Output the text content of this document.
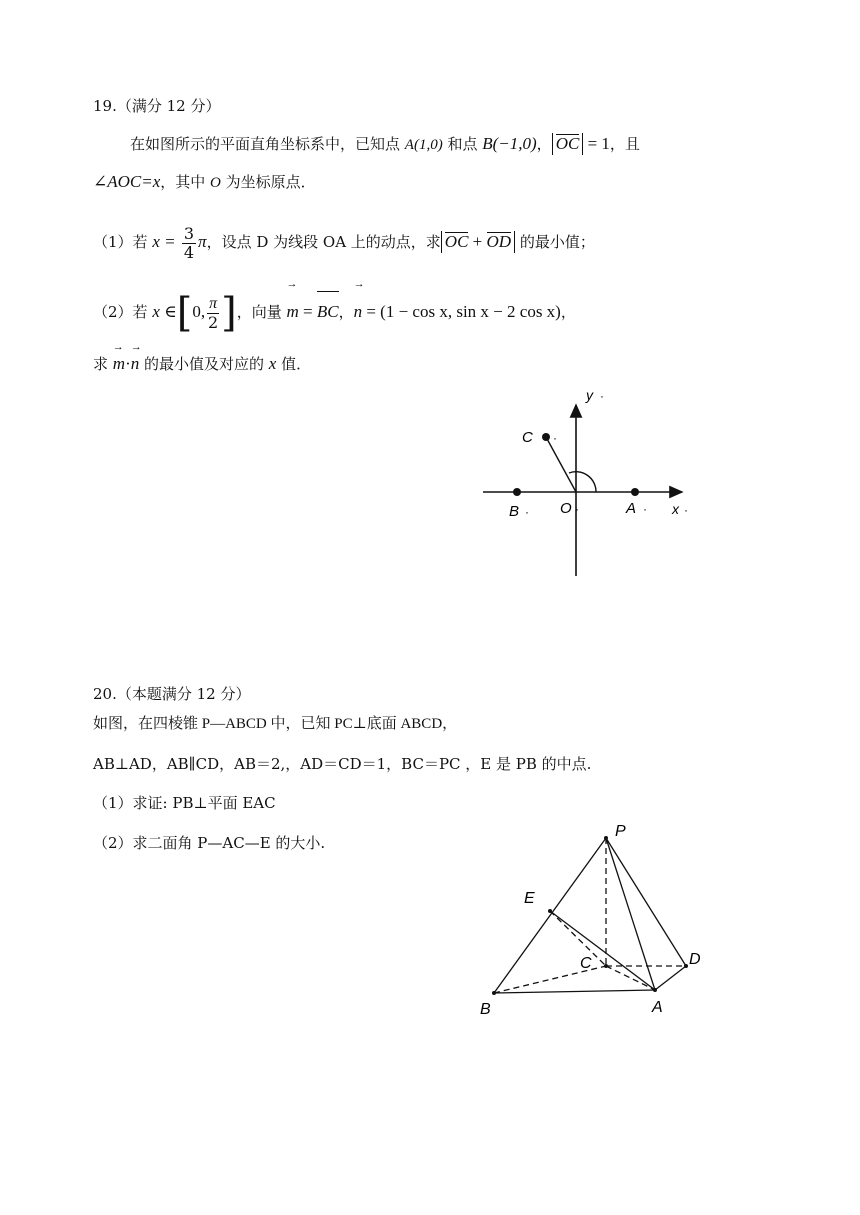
19.（满分 12 分）
在如图所示的平面直角坐标系中，已知点 A(1,0) 和点 B(−1,0)， OC = 1，且
∠AOC=x，其中 O 为坐标原点．
（1）若 $x = \frac{3}{4}$ π，设点 D 为线段 OA 上的动点，求 OC + OD 的最小值；
（2）若 x ∈[0, $\frac{\pi}{2}$ ]，向量 m
→
= BC，n
→
= (1 − cos x, sin x − 2 cos x)，
求 m
→
·n
→
的最小值及对应的 x 值．
y ·
C ·
B · O ·	A · x ·
P
E
C	D
B	A
20.（本题满分 12 分）
如图，在四棱锥 P—ABCD 中，已知 PC⊥底面 ABCD，
AB⊥AD，AB∥CD，AB＝2,，AD＝CD＝1，BC＝PC ，E 是 PB 的中点.
（1）求证: PB⊥平面 EAC
（2）求二面角 P—AC—E 的大小.
